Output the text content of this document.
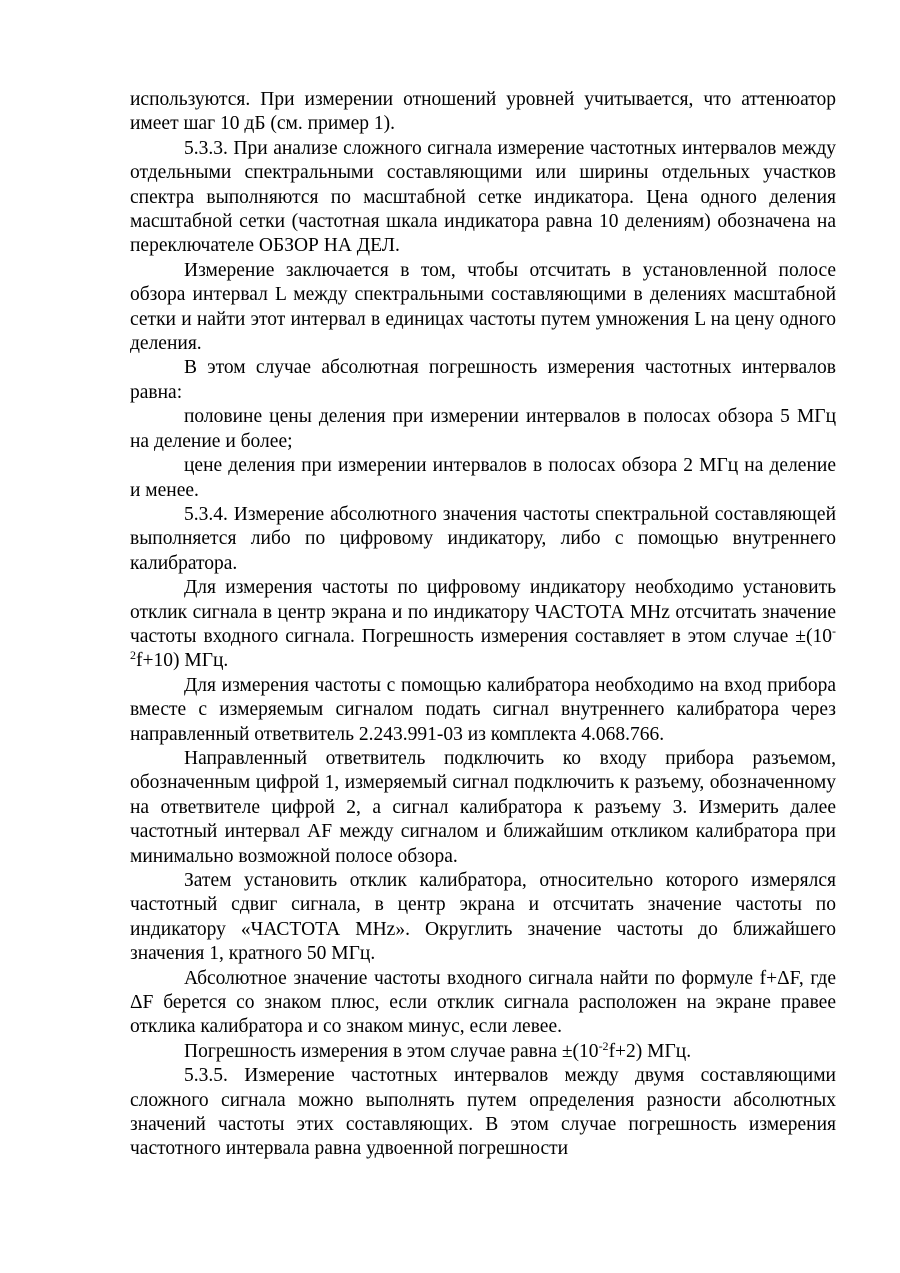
используются. При измерении отношений уровней учитывается, что аттенюатор имеет шаг 10 дБ (см. пример 1).

5.3.3. При анализе сложного сигнала измерение частотных интервалов между отдельными спектральными составляющими или ширины отдельных участков спектра выполняются по масштабной сетке индикатора. Цена одного деления масштабной сетки (частотная шкала индикатора равна 10 делениям) обозначена на переключателе ОБЗОР НА ДЕЛ.

Измерение заключается в том, чтобы отсчитать в установленной полосе обзора интервал L между спектральными составляющими в делениях масштабной сетки и найти этот интервал в единицах частоты путем умножения L на цену одного деления.

В этом случае абсолютная погрешность измерения частотных интервалов равна:

половине цены деления при измерении интервалов в полосах обзора 5 МГц на деление и более;

цене деления при измерении интервалов в полосах обзора 2 МГц на деление и менее.

5.3.4. Измерение абсолютного значения частоты спектральной составляющей выполняется либо по цифровому индикатору, либо с помощью внутреннего калибратора.

Для измерения частоты по цифровому индикатору необходимо установить отклик сигнала в центр экрана и по индикатору ЧАСТОТА МHz отсчитать значение частоты входного сигнала. Погрешность измерения составляет в этом случае $\pm(10^{-2}f+10)$ МГц.

Для измерения частоты с помощью калибратора необходимо на вход прибора вместе с измеряемым сигналом подать сигнал внутреннего калибратора через направленный ответвитель 2.243.991-03 из комплекта 4.068.766.

Направленный ответвитель подключить ко входу прибора разъемом, обозначенным цифрой 1, измеряемый сигнал подключить к разъему, обозначенному на ответвителе цифрой 2, а сигнал калибратора к разъему 3. Измерить далее частотный интервал AF между сигналом и ближайшим откликом калибратора при минимально возможной полосе обзора.

Затем установить отклик калибратора, относительно которого измерялся частотный сдвиг сигнала, в центр экрана и отсчитать значение частоты по индикатору «ЧАСТОТА MHz». Округлить значение частоты до ближайшего значения 1, кратного 50 МГц.

Абсолютное значение частоты входного сигнала найти по формуле f+ΔF, где ΔF берется со знаком плюс, если отклик сигнала расположен на экране правее отклика калибратора и со знаком минус, если левее.

Погрешность измерения в этом случае равна $\pm(10^{-2}f+2)$ МГц.

5.3.5. Измерение частотных интервалов между двумя составляющими сложного сигнала можно выполнять путем определения разности абсолютных значений частоты этих составляющих. В этом случае погрешность измерения частотного интервала равна удвоенной погрешности
